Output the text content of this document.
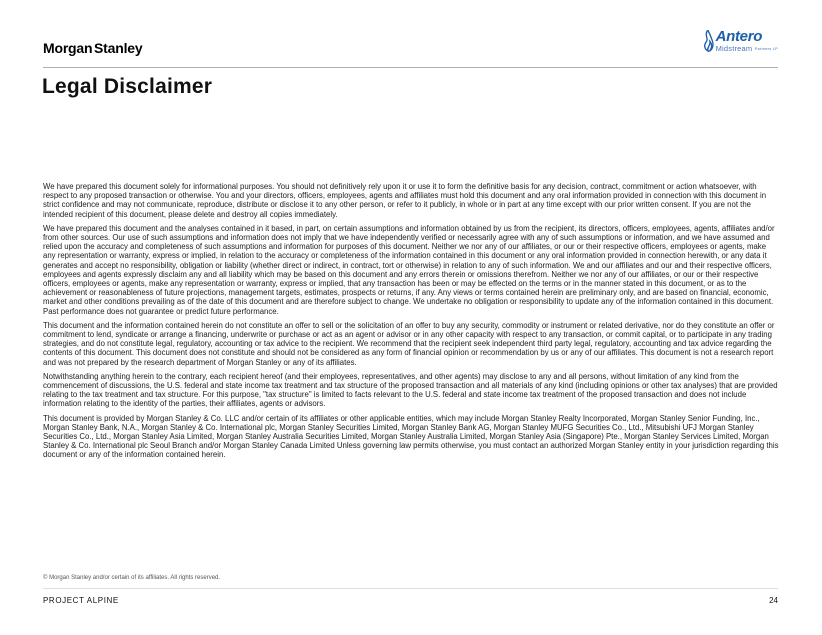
Morgan Stanley
Antero
Midstream Partners LP
Legal Disclaimer

We have prepared this document solely for informational purposes. You should not definitively rely upon it or use it to form the definitive basis for any decision, contract, commitment or action whatsoever, with respect to any proposed transaction or otherwise. You and your directors, officers, employees, agents and affiliates must hold this document and any oral information provided in connection with this document in strict confidence and may not communicate, reproduce, distribute or disclose it to any other person, or refer to it publicly, in whole or in part at any time except with our prior written consent. If you are not the intended recipient of this document, please delete and destroy all copies immediately.

We have prepared this document and the analyses contained in it based, in part, on certain assumptions and information obtained by us from the recipient, its directors, officers, employees, agents, affiliates and/or from other sources. Our use of such assumptions and information does not imply that we have independently verified or necessarily agree with any of such assumptions or information, and we have assumed and relied upon the accuracy and completeness of such assumptions and information for purposes of this document. Neither we nor any of our affiliates, or our or their respective officers, employees or agents, make any representation or warranty, express or implied, in relation to the accuracy or completeness of the information contained in this document or any oral information provided in connection herewith, or any data it generates and accept no responsibility, obligation or liability (whether direct or indirect, in contract, tort or otherwise) in relation to any of such information. We and our affiliates and our and their respective officers, employees and agents expressly disclaim any and all liability which may be based on this document and any errors therein or omissions therefrom. Neither we nor any of our affiliates, or our or their respective officers, employees or agents, make any representation or warranty, express or implied, that any transaction has been or may be effected on the terms or in the manner stated in this document, or as to the achievement or reasonableness of future projections, management targets, estimates, prospects or returns, if any. Any views or terms contained herein are preliminary only, and are based on financial, economic, market and other conditions prevailing as of the date of this document and are therefore subject to change. We undertake no obligation or responsibility to update any of the information contained in this document. Past performance does not guarantee or predict future performance.

This document and the information contained herein do not constitute an offer to sell or the solicitation of an offer to buy any security, commodity or instrument or related derivative, nor do they constitute an offer or commitment to lend, syndicate or arrange a financing, underwrite or purchase or act as an agent or advisor or in any other capacity with respect to any transaction, or commit capital, or to participate in any trading strategies, and do not constitute legal, regulatory, accounting or tax advice to the recipient. We recommend that the recipient seek independent third party legal, regulatory, accounting and tax advice regarding the contents of this document. This document does not constitute and should not be considered as any form of financial opinion or recommendation by us or any of our affiliates. This document is not a research report and was not prepared by the research department of Morgan Stanley or any of its affiliates.

Notwithstanding anything herein to the contrary, each recipient hereof (and their employees, representatives, and other agents) may disclose to any and all persons, without limitation of any kind from the commencement of discussions, the U.S. federal and state income tax treatment and tax structure of the proposed transaction and all materials of any kind (including opinions or other tax analyses) that are provided relating to the tax treatment and tax structure. For this purpose, "tax structure" is limited to facts relevant to the U.S. federal and state income tax treatment of the proposed transaction and does not include information relating to the identity of the parties, their affiliates, agents or advisors.

This document is provided by Morgan Stanley & Co. LLC and/or certain of its affiliates or other applicable entities, which may include Morgan Stanley Realty Incorporated, Morgan Stanley Senior Funding, Inc., Morgan Stanley Bank, N.A., Morgan Stanley & Co. International plc, Morgan Stanley Securities Limited, Morgan Stanley Bank AG, Morgan Stanley MUFG Securities Co., Ltd., Mitsubishi UFJ Morgan Stanley Securities Co., Ltd., Morgan Stanley Asia Limited, Morgan Stanley Australia Securities Limited, Morgan Stanley Australia Limited, Morgan Stanley Asia (Singapore) Pte., Morgan Stanley Services Limited, Morgan Stanley & Co. International plc Seoul Branch and/or Morgan Stanley Canada Limited Unless governing law permits otherwise, you must contact an authorized Morgan Stanley entity in your jurisdiction regarding this document or any of the information contained herein.

© Morgan Stanley and/or certain of its affiliates. All rights reserved.
PROJECT ALPINE	24
